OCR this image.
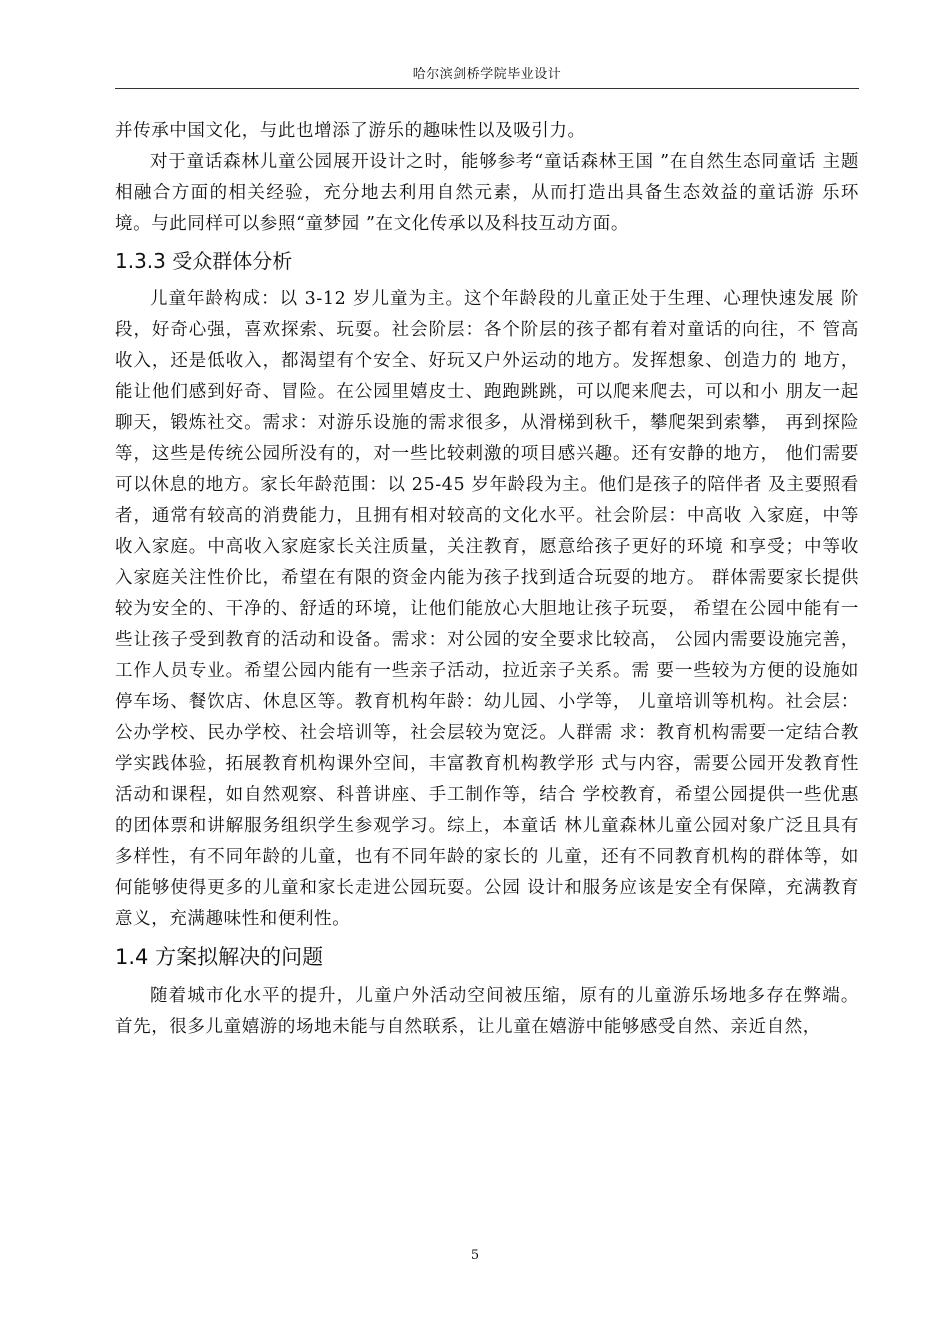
哈尔滨剑桥学院毕业设计

并传承中国文化，与此也增添了游乐的趣味性以及吸引力。

对于童话森林儿童公园展开设计之时，能够参考“童话森林王国 ”在自然生态同童话 主题相融合方面的相关经验，充分地去利用自然元素，从而打造出具备生态效益的童话游 乐环境。与此同样可以参照“童梦园 ”在文化传承以及科技互动方面。

1.3.3 受众群体分析

儿童年龄构成：以 3-12 岁儿童为主。这个年龄段的儿童正处于生理、心理快速发展 阶段，好奇心强，喜欢探索、玩耍。社会阶层：各个阶层的孩子都有着对童话的向往，不 管高收入，还是低收入，都渴望有个安全、好玩又户外运动的地方。发挥想象、创造力的 地方，能让他们感到好奇、冒险。在公园里嬉皮士、跑跑跳跳，可以爬来爬去，可以和小 朋友一起聊天，锻炼社交。需求：对游乐设施的需求很多，从滑梯到秋千，攀爬架到索攀， 再到探险等，这些是传统公园所没有的，对一些比较刺激的项目感兴趣。还有安静的地方， 他们需要可以休息的地方。家长年龄范围：以 25-45 岁年龄段为主。他们是孩子的陪伴者 及主要照看者，通常有较高的消费能力，且拥有相对较高的文化水平。社会阶层：中高收 入家庭，中等收入家庭。中高收入家庭家长关注质量，关注教育，愿意给孩子更好的环境 和享受；中等收入家庭关注性价比，希望在有限的资金内能为孩子找到适合玩耍的地方。 群体需要家长提供较为安全的、干净的、舒适的环境，让他们能放心大胆地让孩子玩耍， 希望在公园中能有一些让孩子受到教育的活动和设备。需求：对公园的安全要求比较高， 公园内需要设施完善，工作人员专业。希望公园内能有一些亲子活动，拉近亲子关系。需 要一些较为方便的设施如停车场、餐饮店、休息区等。教育机构年龄：幼儿园、小学等， 儿童培训等机构。社会层：公办学校、民办学校、社会培训等，社会层较为宽泛。人群需 求：教育机构需要一定结合教学实践体验，拓展教育机构课外空间，丰富教育机构教学形 式与内容，需要公园开发教育性活动和课程，如自然观察、科普讲座、手工制作等，结合 学校教育，希望公园提供一些优惠的团体票和讲解服务组织学生参观学习。综上，本童话 林儿童森林儿童公园对象广泛且具有多样性，有不同年龄的儿童，也有不同年龄的家长的 儿童，还有不同教育机构的群体等，如何能够使得更多的儿童和家长走进公园玩耍。公园 设计和服务应该是安全有保障，充满教育意义，充满趣味性和便利性。

1.4 方案拟解决的问题

随着城市化水平的提升，儿童户外活动空间被压缩，原有的儿童游乐场地多存在弊端。 首先，很多儿童嬉游的场地未能与自然联系，让儿童在嬉游中能够感受自然、亲近自然，

5
